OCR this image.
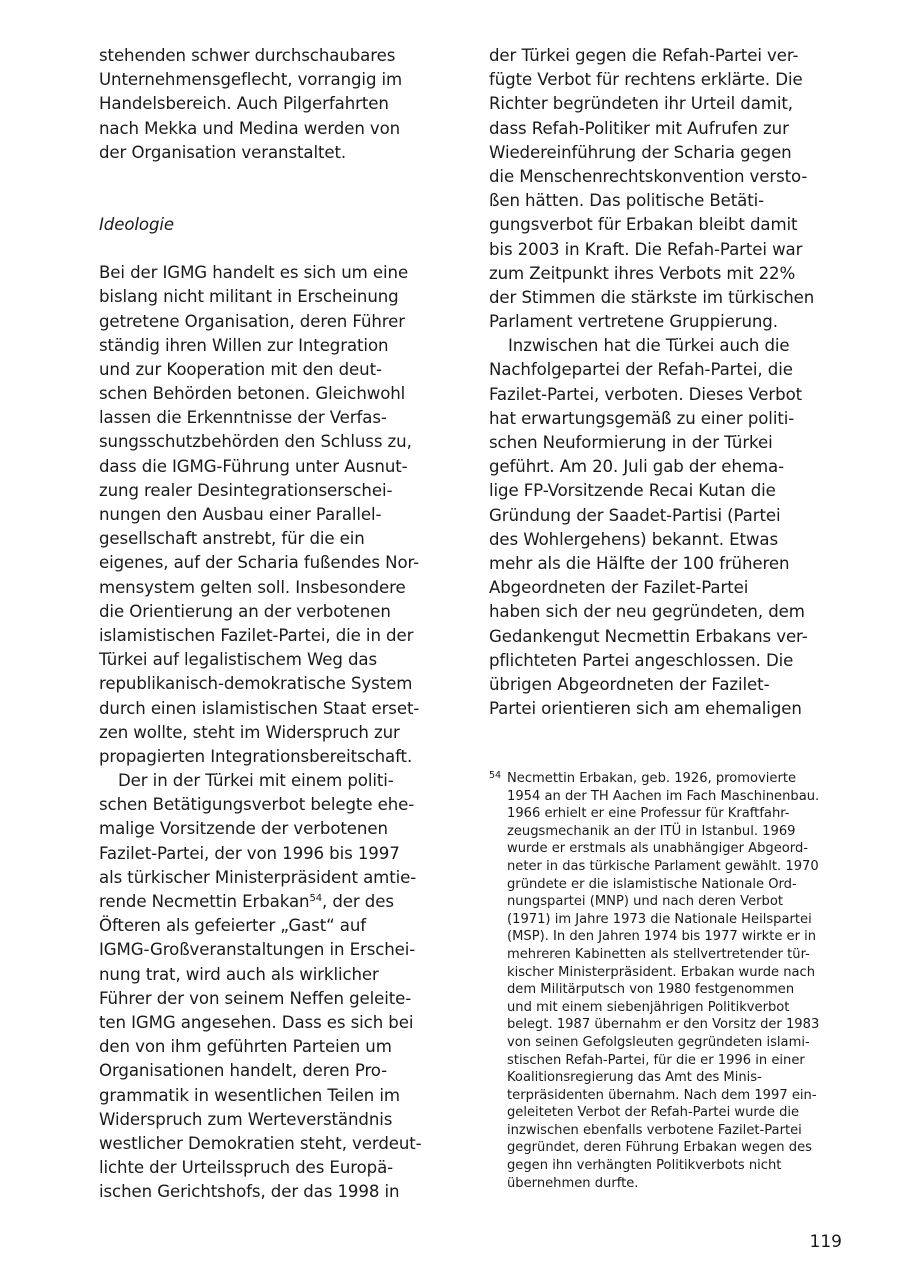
stehenden schwer durchschaubares
Unternehmensgeflecht, vorrangig im
Handelsbereich. Auch Pilgerfahrten
nach Mekka und Medina werden von
der Organisation veranstaltet.
Ideologie
Bei der IGMG handelt es sich um eine
bislang nicht militant in Erscheinung
getretene Organisation, deren Führer
ständig ihren Willen zur Integration
und zur Kooperation mit den deut-
schen Behörden betonen. Gleichwohl
lassen die Erkenntnisse der Verfas-
sungsschutzbehörden den Schluss zu,
dass die IGMG-Führung unter Ausnut-
zung realer Desintegrationserschei-
nungen den Ausbau einer Parallel-
gesellschaft anstrebt, für die ein
eigenes, auf der Scharia fußendes Nor-
mensystem gelten soll. Insbesondere
die Orientierung an der verbotenen
islamistischen Fazilet-Partei, die in der
Türkei auf legalistischem Weg das
republikanisch-demokratische System
durch einen islamistischen Staat erset-
zen wollte, steht im Widerspruch zur
propagierten Integrationsbereitschaft.
Der in der Türkei mit einem politi-
schen Betätigungsverbot belegte ehe-
malige Vorsitzende der verbotenen
Fazilet-Partei, der von 1996 bis 1997
als türkischer Ministerpräsident amtie-
rende Necmettin Erbakan$^{54}$, der des
Öfteren als gefeierter „Gast“ auf
IGMG-Großveranstaltungen in Erschei-
nung trat, wird auch als wirklicher
Führer der von seinem Neffen geleite-
ten IGMG angesehen. Dass es sich bei
den von ihm geführten Parteien um
Organisationen handelt, deren Pro-
grammatik in wesentlichen Teilen im
Widerspruch zum Werteverständnis
westlicher Demokratien steht, verdeut-
lichte der Urteilsspruch des Europä-
ischen Gerichtshofs, der das 1998 in
der Türkei gegen die Refah-Partei ver-
fügte Verbot für rechtens erklärte. Die
Richter begründeten ihr Urteil damit,
dass Refah-Politiker mit Aufrufen zur
Wiedereinführung der Scharia gegen
die Menschenrechtskonvention versto-
ßen hätten. Das politische Betäti-
gungsverbot für Erbakan bleibt damit
bis 2003 in Kraft. Die Refah-Partei war
zum Zeitpunkt ihres Verbots mit 22%
der Stimmen die stärkste im türkischen
Parlament vertretene Gruppierung.
Inzwischen hat die Türkei auch die
Nachfolgepartei der Refah-Partei, die
Fazilet-Partei, verboten. Dieses Verbot
hat erwartungsgemäß zu einer politi-
schen Neuformierung in der Türkei
geführt. Am 20. Juli gab der ehema-
lige FP-Vorsitzende Recai Kutan die
Gründung der Saadet-Partisi (Partei
des Wohlergehens) bekannt. Etwas
mehr als die Hälfte der 100 früheren
Abgeordneten der Fazilet-Partei
haben sich der neu gegründeten, dem
Gedankengut Necmettin Erbakans ver-
pflichteten Partei angeschlossen. Die
übrigen Abgeordneten der Fazilet-
Partei orientieren sich am ehemaligen
54 Necmettin Erbakan, geb. 1926, promovierte
1954 an der TH Aachen im Fach Maschinenbau.
1966 erhielt er eine Professur für Kraftfahr-
zeugsmechanik an der ITÜ in Istanbul. 1969
wurde er erstmals als unabhängiger Abgeord-
neter in das türkische Parlament gewählt. 1970
gründete er die islamistische Nationale Ord-
nungspartei (MNP) und nach deren Verbot
(1971) im Jahre 1973 die Nationale Heilspartei
(MSP). In den Jahren 1974 bis 1977 wirkte er in
mehreren Kabinetten als stellvertretender tür-
kischer Ministerpräsident. Erbakan wurde nach
dem Militärputsch von 1980 festgenommen
und mit einem siebenjährigen Politikverbot
belegt. 1987 übernahm er den Vorsitz der 1983
von seinen Gefolgsleuten gegründeten islami-
stischen Refah-Partei, für die er 1996 in einer
Koalitionsregierung das Amt des Minis-
terpräsidenten übernahm. Nach dem 1997 ein-
geleiteten Verbot der Refah-Partei wurde die
inzwischen ebenfalls verbotene Fazilet-Partei
gegründet, deren Führung Erbakan wegen des
gegen ihn verhängten Politikverbots nicht
übernehmen durfte.
119
